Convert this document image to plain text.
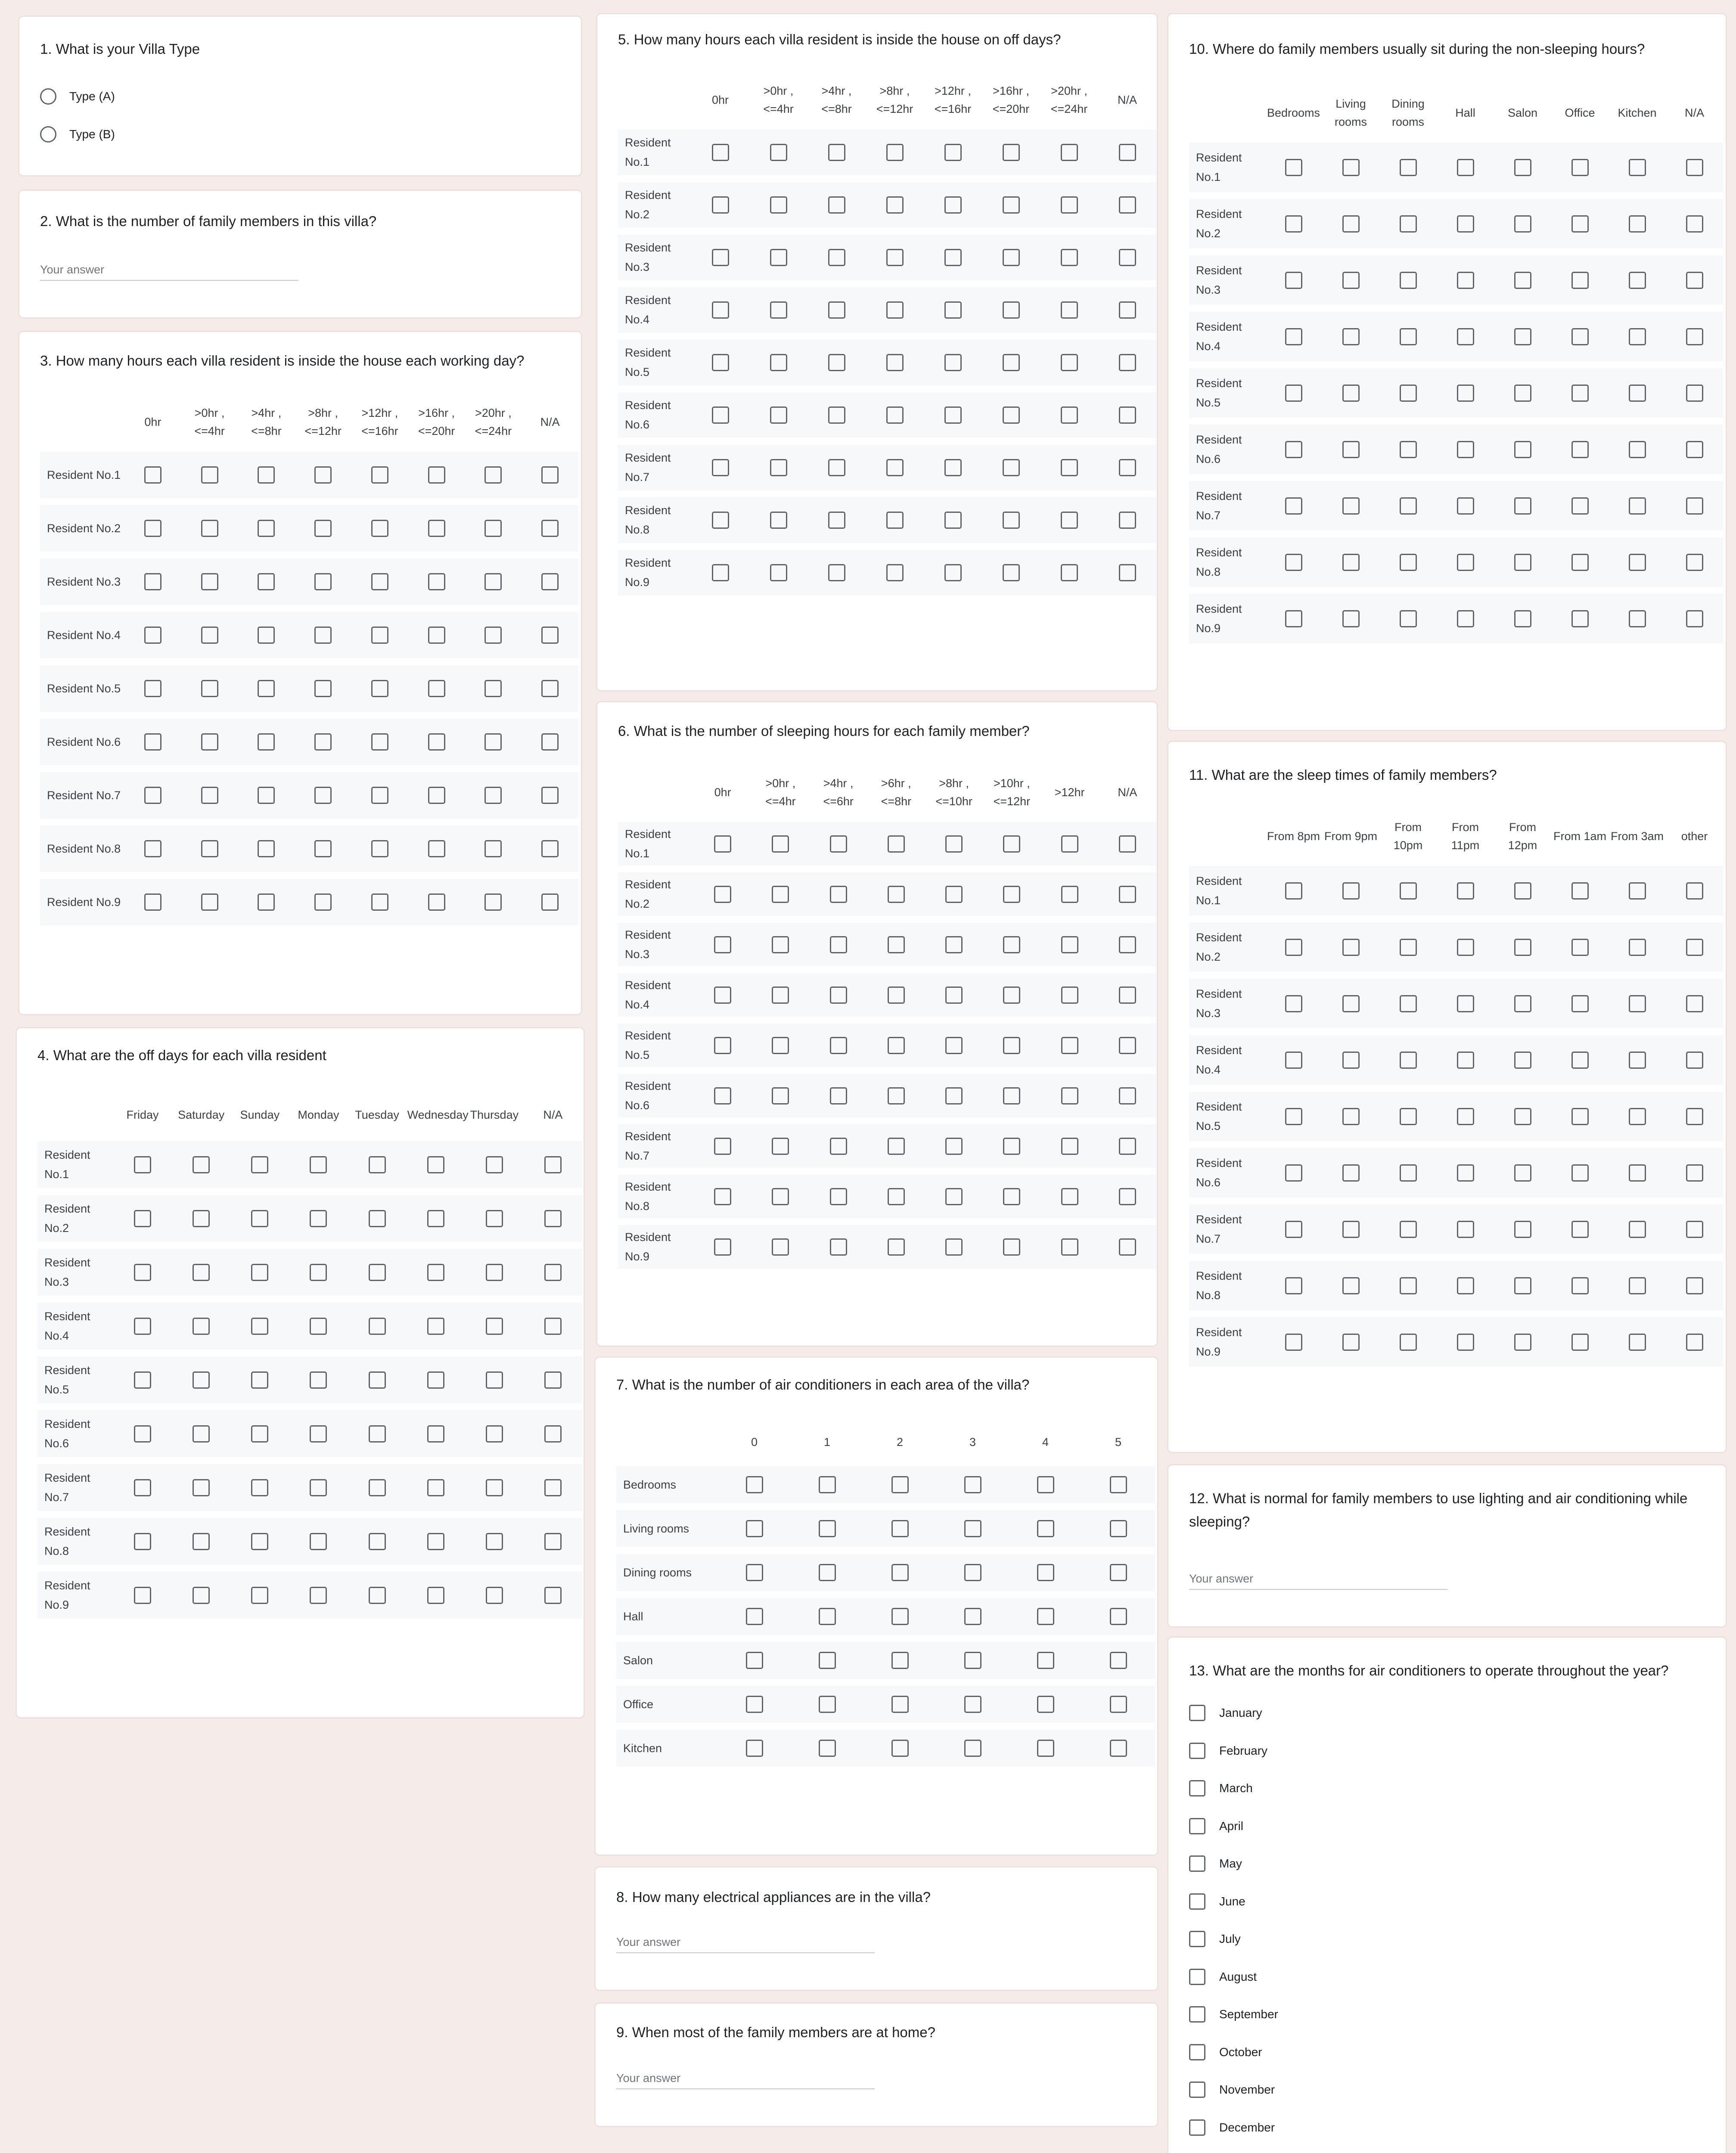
1. What is your Villa Type
Type (A)
Type (B)
2. What is the number of family members in this villa?
Your answer
3. How many hours each villa resident is inside the house each working day?
	0hr	>0hr , <=4hr	>4hr , <=8hr	>8hr , <=12hr	>12hr , <=16hr	>16hr , <=20hr	>20hr , <=24hr	N/A
Resident No.1								
Resident No.2								
Resident No.3								
Resident No.4								
Resident No.5								
Resident No.6								
Resident No.7								
Resident No.8								
Resident No.9								
4. What are the off days for each villa resident
	Friday	Saturday	Sunday	Monday	Tuesday	Wednesday	Thursday	N/A
Resident No.1								
Resident No.2								
Resident No.3								
Resident No.4								
Resident No.5								
Resident No.6								
Resident No.7								
Resident No.8								
Resident No.9								
5. How many hours each villa resident is inside the house on off days?
	0hr	>0hr , <=4hr	>4hr , <=8hr	>8hr , <=12hr	>12hr , <=16hr	>16hr , <=20hr	>20hr , <=24hr	N/A
Resident No.1								
Resident No.2								
Resident No.3								
Resident No.4								
Resident No.5								
Resident No.6								
Resident No.7								
Resident No.8								
Resident No.9								
6. What is the number of sleeping hours for each family member?
	0hr	>0hr , <=4hr	>4hr , <=6hr	>6hr , <=8hr	>8hr , <=10hr	>10hr , <=12hr	>12hr	N/A
Resident No.1								
Resident No.2								
Resident No.3								
Resident No.4								
Resident No.5								
Resident No.6								
Resident No.7								
Resident No.8								
Resident No.9								
7. What is the number of air conditioners in each area of the villa?
	0	1	2	3	4	5
Bedrooms						
Living rooms						
Dining rooms						
Hall						
Salon						
Office						
Kitchen						
8. How many electrical appliances are in the villa?
Your answer
9. When most of the family members are at home?
Your answer
10. Where do family members usually sit during the non-sleeping hours?
	Bedrooms	Living rooms	Dining rooms	Hall	Salon	Office	Kitchen	N/A
Resident No.1								
Resident No.2								
Resident No.3								
Resident No.4								
Resident No.5								
Resident No.6								
Resident No.7								
Resident No.8								
Resident No.9								
11. What are the sleep times of family members?
	From 8pm	From 9pm	From 10pm	From 11pm	From 12pm	From 1am	From 3am	other
Resident No.1								
Resident No.2								
Resident No.3								
Resident No.4								
Resident No.5								
Resident No.6								
Resident No.7								
Resident No.8								
Resident No.9								
12. What is normal for family members to use lighting and air conditioning while sleeping?
Your answer
13. What are the months for air conditioners to operate throughout the year?
January
February
March
April
May
June
July
August
September
October
November
December
